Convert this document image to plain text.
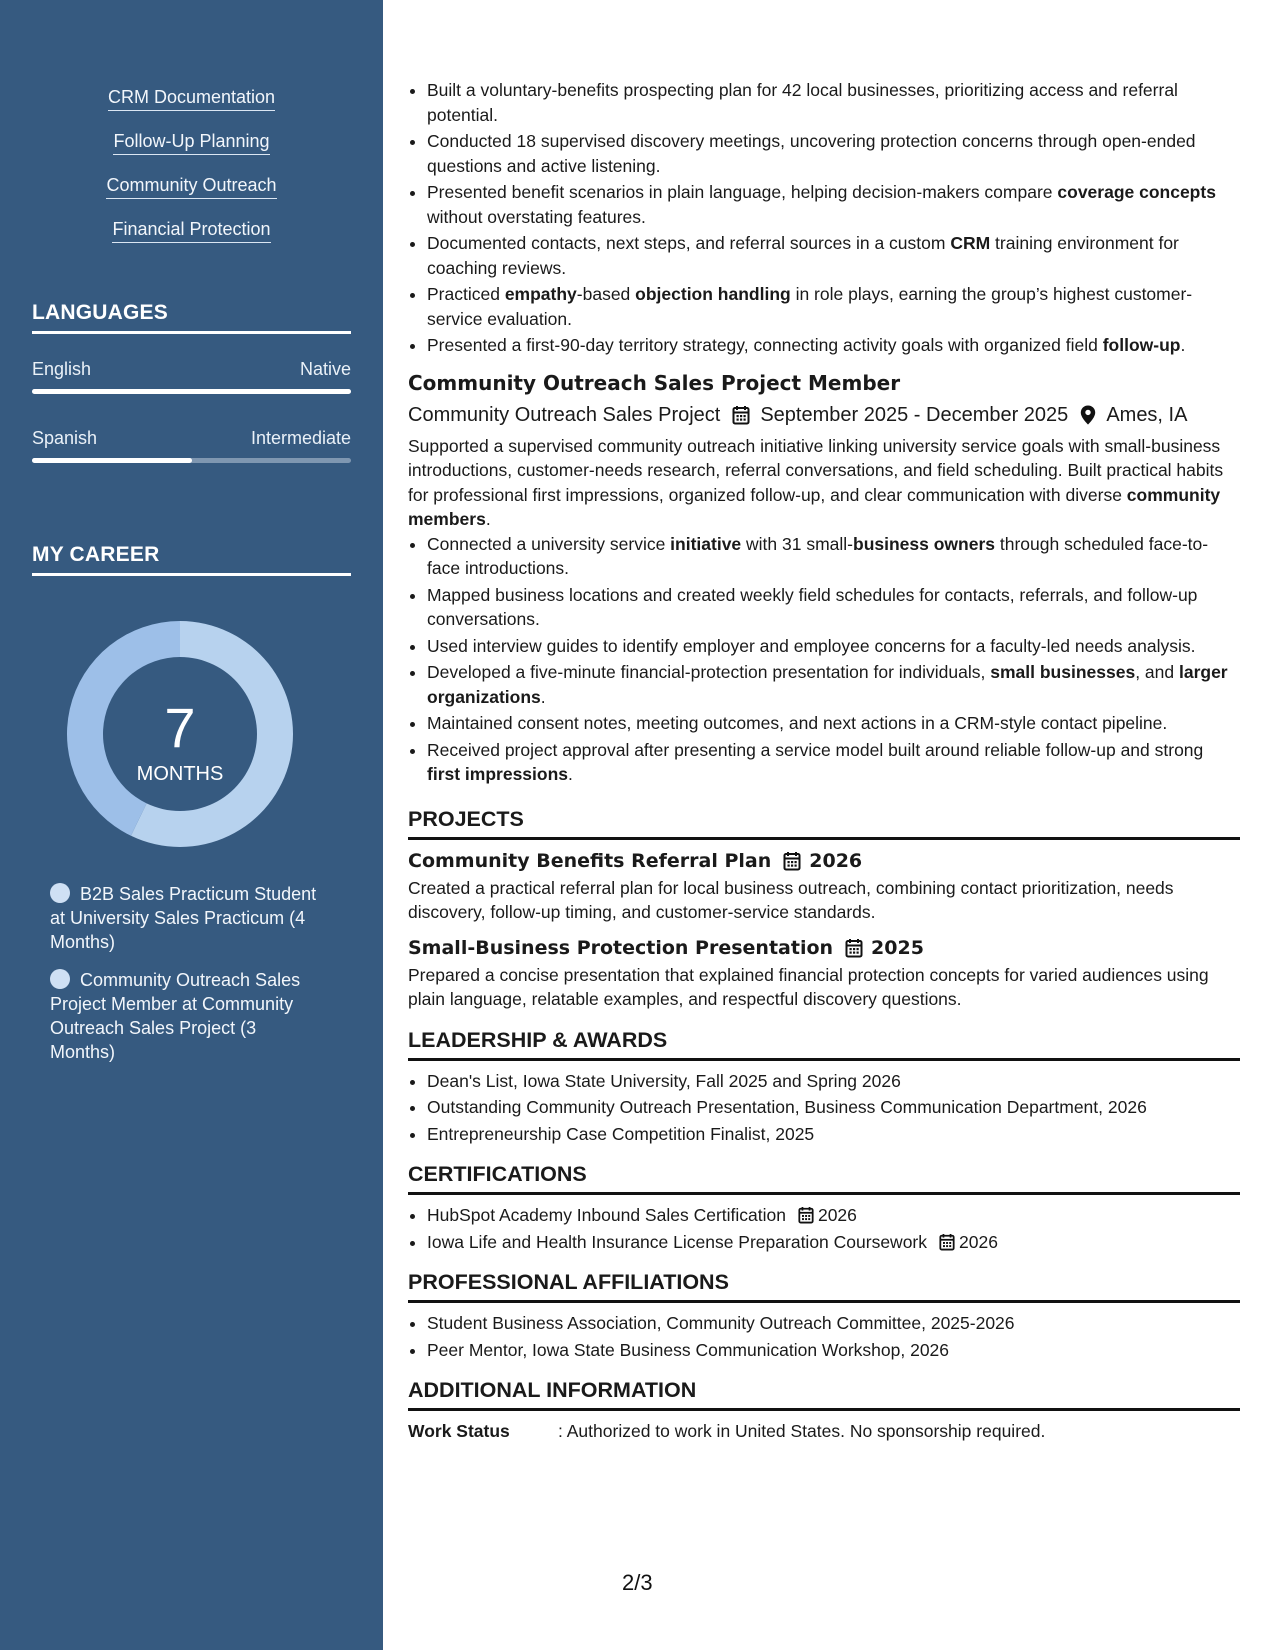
CRM Documentation
Follow-Up Planning
Community Outreach
Financial Protection
LANGUAGES
English	Native
Spanish	Intermediate
MY CAREER
7
MONTHS
B2B Sales Practicum Student at University Sales Practicum (4 Months)
Community Outreach Sales Project Member at Community Outreach Sales Project (3 Months)
• Built a voluntary-benefits prospecting plan for 42 local businesses, prioritizing access and referral potential.
• Conducted 18 supervised discovery meetings, uncovering protection concerns through open-ended questions and active listening.
• Presented benefit scenarios in plain language, helping decision-makers compare coverage concepts without overstating features.
• Documented contacts, next steps, and referral sources in a custom CRM training environment for coaching reviews.
• Practiced empathy-based objection handling in role plays, earning the group’s highest customer-service evaluation.
• Presented a first-90-day territory strategy, connecting activity goals with organized field follow-up.
Community Outreach Sales Project Member
Community Outreach Sales Project September 2025 - December 2025 Ames, IA
Supported a supervised community outreach initiative linking university service goals with small-business introductions, customer-needs research, referral conversations, and field scheduling. Built practical habits for professional first impressions, organized follow-up, and clear communication with diverse community members.
• Connected a university service initiative with 31 small-business owners through scheduled face-to-face introductions.
• Mapped business locations and created weekly field schedules for contacts, referrals, and follow-up conversations.
• Used interview guides to identify employer and employee concerns for a faculty-led needs analysis.
• Developed a five-minute financial-protection presentation for individuals, small businesses, and larger organizations.
• Maintained consent notes, meeting outcomes, and next actions in a CRM-style contact pipeline.
• Received project approval after presenting a service model built around reliable follow-up and strong first impressions.
PROJECTS
Community Benefits Referral Plan 2026
Created a practical referral plan for local business outreach, combining contact prioritization, needs discovery, follow-up timing, and customer-service standards.
Small-Business Protection Presentation 2025
Prepared a concise presentation that explained financial protection concepts for varied audiences using plain language, relatable examples, and respectful discovery questions.
LEADERSHIP & AWARDS
• Dean's List, Iowa State University, Fall 2025 and Spring 2026
• Outstanding Community Outreach Presentation, Business Communication Department, 2026
• Entrepreneurship Case Competition Finalist, 2025
CERTIFICATIONS
• HubSpot Academy Inbound Sales Certification 2026
• Iowa Life and Health Insurance License Preparation Coursework 2026
PROFESSIONAL AFFILIATIONS
• Student Business Association, Community Outreach Committee, 2025-2026
• Peer Mentor, Iowa State Business Communication Workshop, 2026
ADDITIONAL INFORMATION
Work Status	: Authorized to work in United States. No sponsorship required.
2/3
